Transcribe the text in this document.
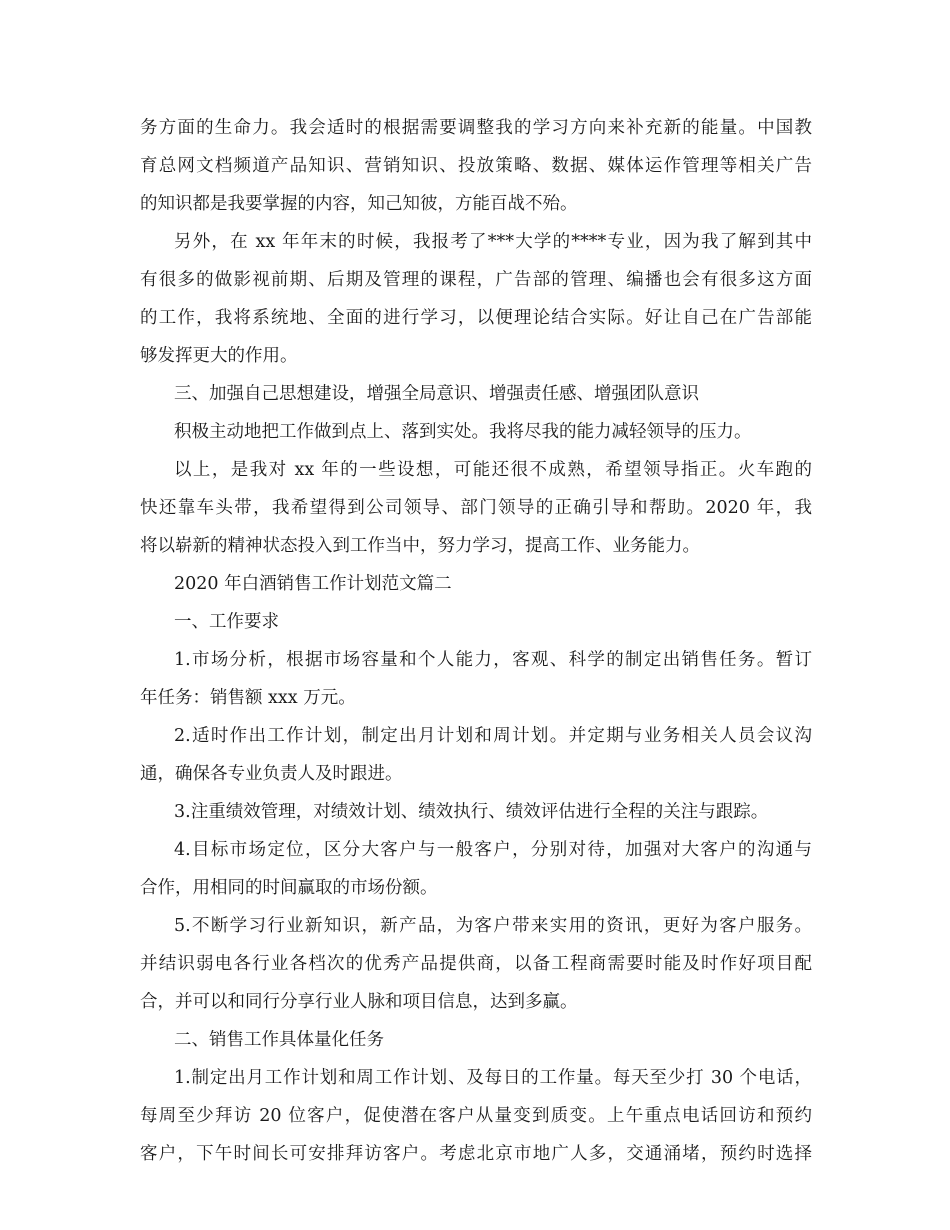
务方面的生命力。我会适时的根据需要调整我的学习方向来补充新的能量。中国教
育总网文档频道产品知识、营销知识、投放策略、数据、媒体运作管理等相关广告
的知识都是我要掌握的内容，知己知彼，方能百战不殆。
另外，在 xx 年年末的时候，我报考了***大学的****专业，因为我了解到其中
有很多的做影视前期、后期及管理的课程，广告部的管理、编播也会有很多这方面
的工作，我将系统地、全面的进行学习，以便理论结合实际。好让自己在广告部能
够发挥更大的作用。
三、加强自己思想建设，增强全局意识、增强责任感、增强团队意识
积极主动地把工作做到点上、落到实处。我将尽我的能力减轻领导的压力。
以上，是我对 xx 年的一些设想，可能还很不成熟，希望领导指正。火车跑的
快还靠车头带，我希望得到公司领导、部门领导的正确引导和帮助。2020 年，我
将以崭新的精神状态投入到工作当中，努力学习，提高工作、业务能力。
2020 年白酒销售工作计划范文篇二
一、工作要求
1.市场分析，根据市场容量和个人能力，客观、科学的制定出销售任务。暂订
年任务：销售额 xxx 万元。
2.适时作出工作计划，制定出月计划和周计划。并定期与业务相关人员会议沟
通，确保各专业负责人及时跟进。
3.注重绩效管理，对绩效计划、绩效执行、绩效评估进行全程的关注与跟踪。
4.目标市场定位，区分大客户与一般客户，分别对待，加强对大客户的沟通与
合作，用相同的时间赢取的市场份额。
5.不断学习行业新知识，新产品，为客户带来实用的资讯，更好为客户服务。
并结识弱电各行业各档次的优秀产品提供商，以备工程商需要时能及时作好项目配
合，并可以和同行分享行业人脉和项目信息，达到多赢。
二、销售工作具体量化任务
1.制定出月工作计划和周工作计划、及每日的工作量。每天至少打 30 个电话，
每周至少拜访 20 位客户，促使潜在客户从量变到质变。上午重点电话回访和预约
客户，下午时间长可安排拜访客户。考虑北京市地广人多，交通涌堵，预约时选择
